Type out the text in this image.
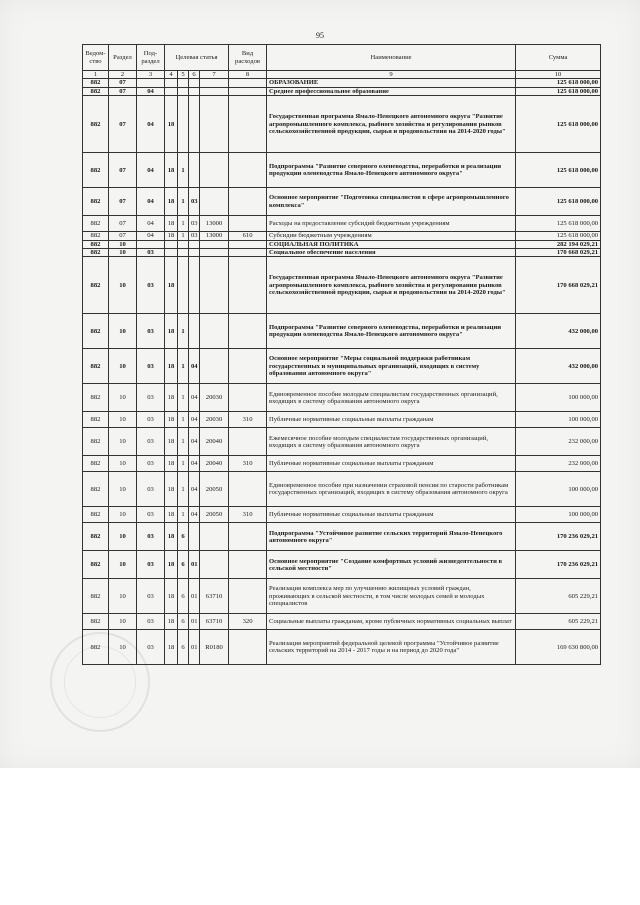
95
Ведом-ство	Раздел	Под-раздел	Целевая статья				Вид расходов	Наименование	Сумма
1	2	3	4	5	6	7	8	9	10
882	07							ОБРАЗОВАНИЕ	125 618 000,00
882	07	04						Среднее профессиональное образование	125 618 000,00
882	07	04	18					Государственная программа Ямало-Ненецкого автономного округа "Развитие агропромышленного комплекса, рыбного хозяйства и регулирования рынков сельскохозяйственной продукции, сырья и продовольствия на 2014-2020 годы"	125 618 000,00
882	07	04	18	1				Подпрограмма "Развитие северного оленеводства, переработки и реализации продукции оленеводства Ямало-Ненецкого автономного округа"	125 618 000,00
882	07	04	18	1	03			Основное мероприятие "Подготовка специалистов в сфере агропромышленного комплекса"	125 618 000,00
882	07	04	18	1	03	13000		Расходы на предоставление субсидий бюджетным учреждениям	125 618 000,00
882	07	04	18	1	03	13000	610	Субсидии бюджетным учреждениям	125 618 000,00
882	10							СОЦИАЛЬНАЯ ПОЛИТИКА	282 194 029,21
882	10	03						Социальное обеспечение населения	170 668 029,21
882	10	03	18					Государственная программа Ямало-Ненецкого автономного округа "Развитие агропромышленного комплекса, рыбного хозяйства и регулирования рынков сельскохозяйственной продукции, сырья и продовольствия на 2014-2020 годы"	170 668 029,21
882	10	03	18	1				Подпрограмма "Развитие северного оленеводства, переработки и реализации продукции оленеводства Ямало-Ненецкого автономного округа"	432 000,00
882	10	03	18	1	04			Основное мероприятие "Меры социальной поддержки работникам государственных и муниципальных организаций, входящих в систему образования автономного округа"	432 000,00
882	10	03	18	1	04	20030		Единовременное пособие молодым специалистам государственных организаций, входящих в систему образования автономного округа	100 000,00
882	10	03	18	1	04	20030	310	Публичные нормативные социальные выплаты гражданам	100 000,00
882	10	03	18	1	04	20040		Ежемесячное пособие молодым специалистам государственных организаций, входящих в систему образования автономного округа	232 000,00
882	10	03	18	1	04	20040	310	Публичные нормативные социальные выплаты гражданам	232 000,00
882	10	03	18	1	04	20050		Единовременное пособие при назначении страховой пенсии по старости работникам государственных организаций, входящих в систему образования автономного округа	100 000,00
882	10	03	18	1	04	20050	310	Публичные нормативные социальные выплаты гражданам	100 000,00
882	10	03	18	6				Подпрограмма "Устойчивое развитие сельских территорий Ямало-Ненецкого автономного округа"	170 236 029,21
882	10	03	18	6	01			Основное мероприятие "Создание комфортных условий жизнедеятельности в сельской местности"	170 236 029,21
882	10	03	18	6	01	63710		Реализация комплекса мер по улучшению жилищных условий граждан, проживающих в сельской местности, в том числе молодых семей и молодых специалистов	605 229,21
882	10	03	18	6	01	63710	320	Социальные выплаты гражданам, кроме публичных нормативных социальных выплат	605 229,21
882	10	03	18	6	01	R0180		Реализация мероприятий федеральной целевой программы "Устойчивое развитие сельских территорий на 2014 - 2017 годы и на период до 2020 года"	169 630 800,00
